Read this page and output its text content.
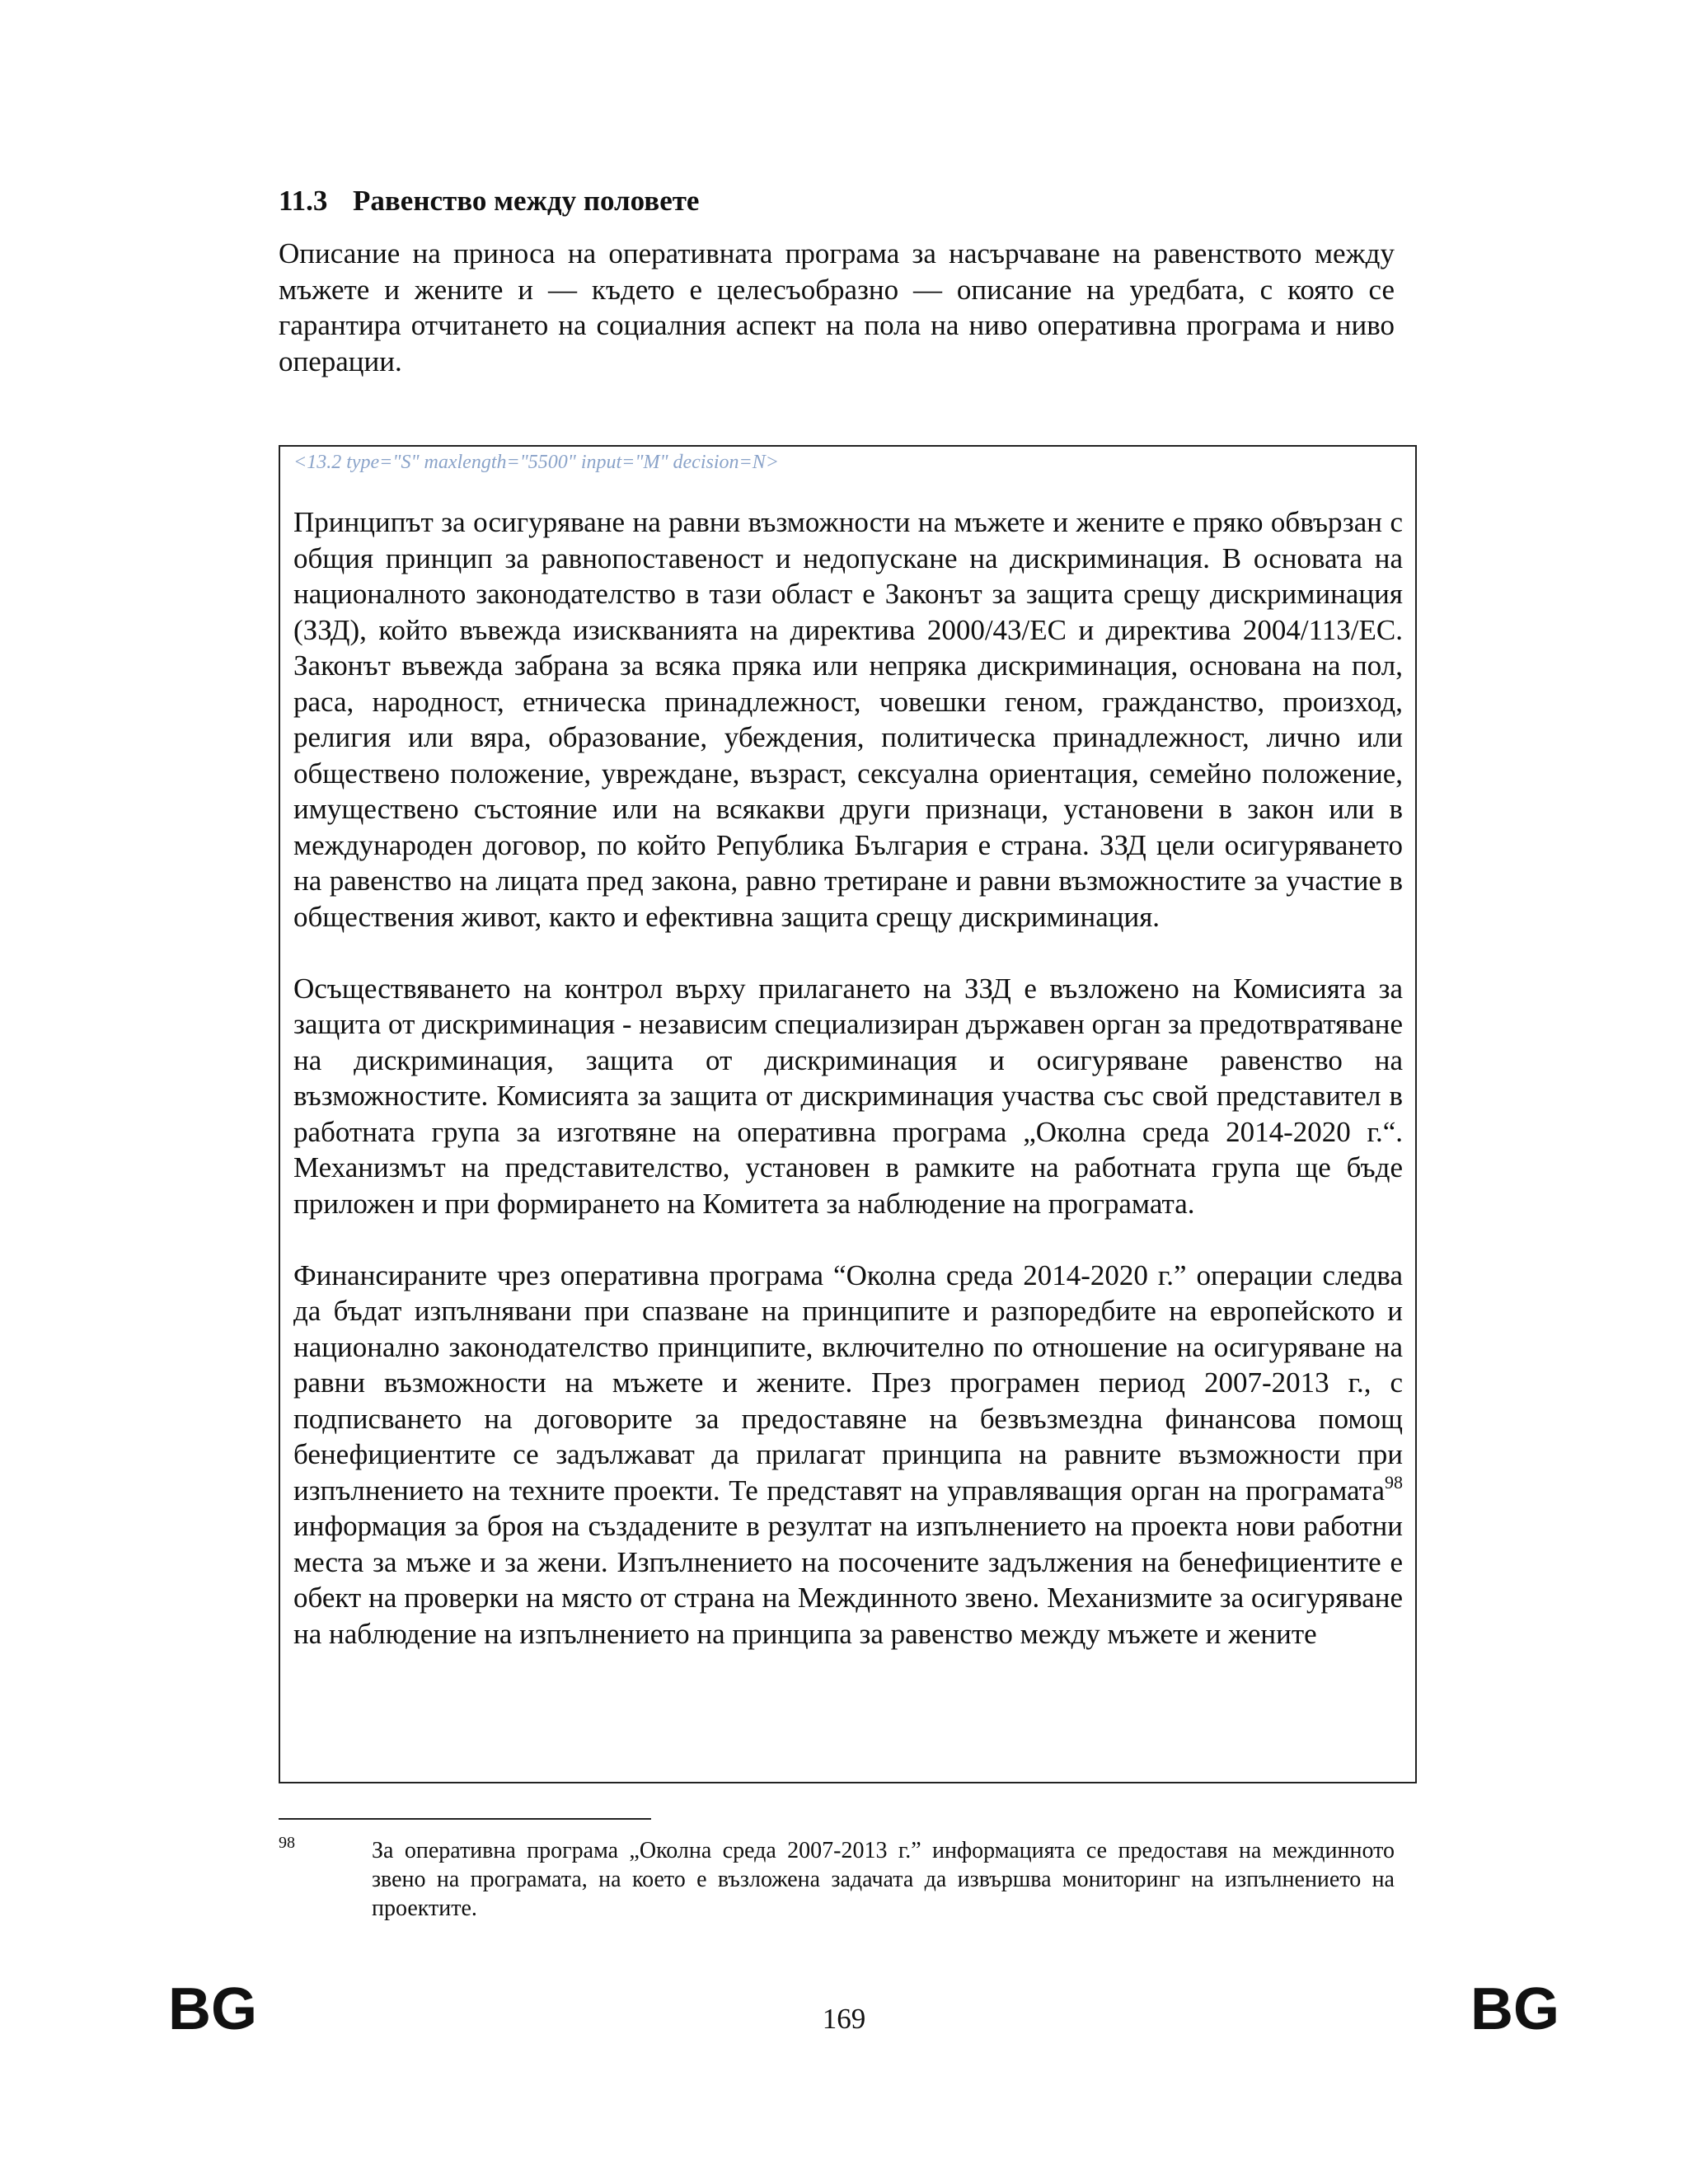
11.3 Равенство между половете

Описание на приноса на оперативната програма за насърчаване на равенството между мъжете и жените и — където е целесъобразно — описание на уредбата, с която се гарантира отчитането на социалния аспект на пола на ниво оперативна програма и ниво операции.

<13.2 type="S" maxlength="5500" input="M" decision=N>

Принципът за осигуряване на равни възможности на мъжете и жените е пряко обвързан с общия принцип за равнопоставеност и недопускане на дискриминация. В основата на националното законодателство в тази област е Законът за защита срещу дискриминация (ЗЗД), който въвежда изискванията на директива 2000/43/ЕС и директива 2004/113/ЕС. Законът въвежда забрана за всяка пряка или непряка дискриминация, основана на пол, раса, народност, етническа принадлежност, човешки геном, гражданство, произход, религия или вяра, образование, убеждения, политическа принадлежност, лично или обществено положение, увреждане, възраст, сексуална ориентация, семейно положение, имуществено състояние или на всякакви други признаци, установени в закон или в международен договор, по който Република България е страна. ЗЗД цели осигуряването на равенство на лицата пред закона, равно третиране и равни възможностите за участие в обществения живот, както и ефективна защита срещу дискриминация.

Осъществяването на контрол върху прилагането на ЗЗД е възложено на Комисията за защита от дискриминация - независим специализиран държавен орган за предотвратяване на дискриминация, защита от дискриминация и осигуряване равенство на възможностите. Комисията за защита от дискриминация участва със свой представител в работната група за изготвяне на оперативна програма „Околна среда 2014-2020 г.“. Механизмът на представителство, установен в рамките на работната група ще бъде приложен и при формирането на Комитета за наблюдение на програмата.

Финансираните чрез оперативна програма “Околна среда 2014-2020 г.” операции следва да бъдат изпълнявани при спазване на принципите и разпоредбите на европейското и национално законодателство принципите, включително по отношение на осигуряване на равни възможности на мъжете и жените. През програмен период 2007-2013 г., с подписването на договорите за предоставяне на безвъзмездна финансова помощ бенефициентите се задължават да прилагат принципа на равните възможности при изпълнението на техните проекти. Те представят на управляващия орган на програмата$^{98}$ информация за броя на създадените в резултат на изпълнението на проекта нови работни места за мъже и за жени. Изпълнението на посочените задължения на бенефициентите е обект на проверки на място от страна на Междинното звено. Механизмите за осигуряване на наблюдение на изпълнението на принципа за равенство между мъжете и жените

98	За оперативна програма „Околна среда 2007-2013 г.” информацията се предоставя на междинното звено на програмата, на което е възложена задачата да извършва мониторинг на изпълнението на проектите.

BG	169	BG
